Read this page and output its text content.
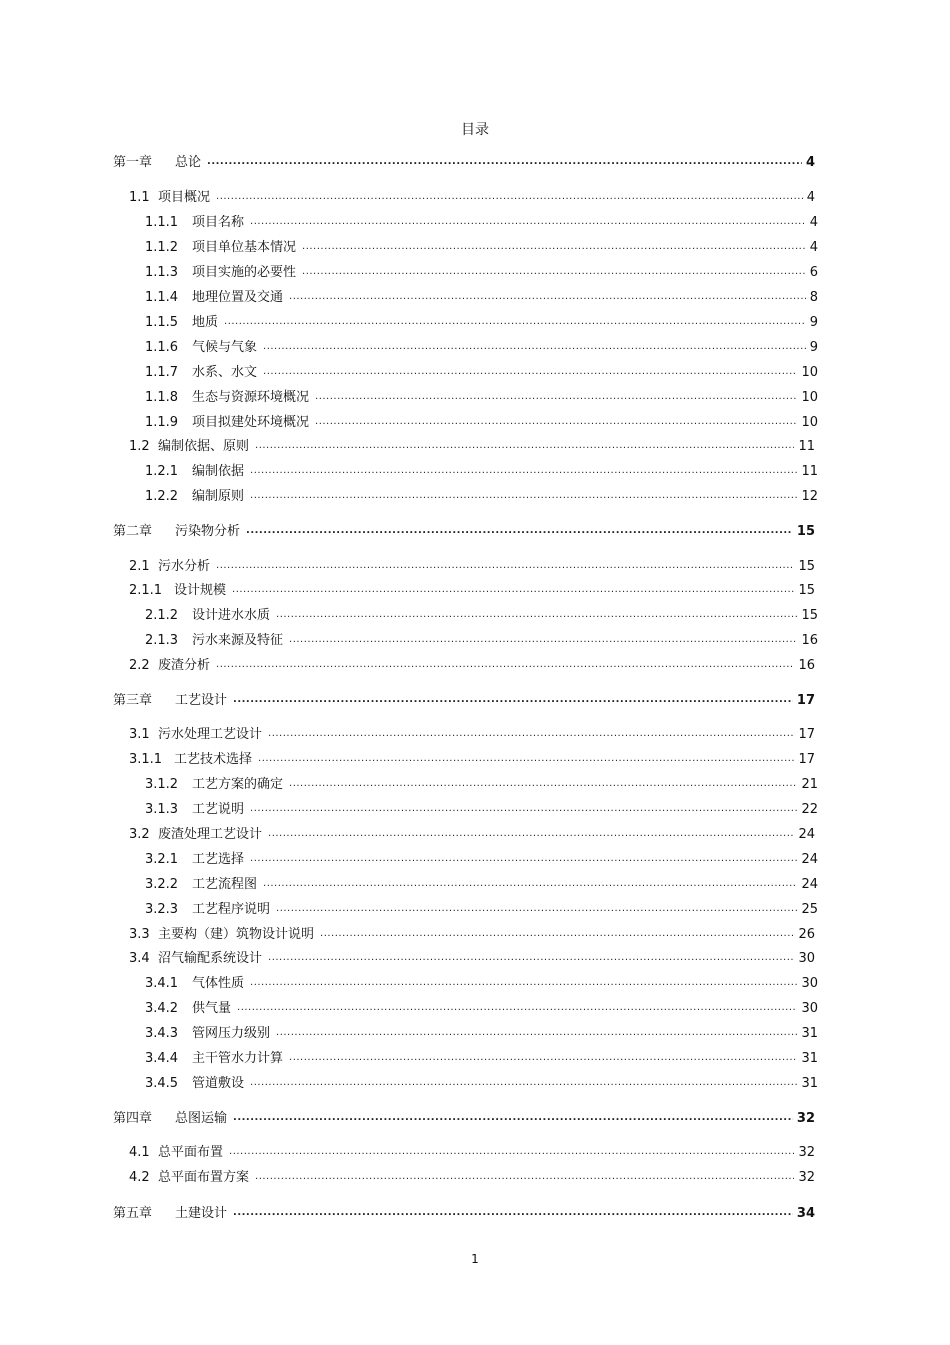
目录
第一章	总论 .....	4
1.1 项目概况 .....	4
1.1.1	项目名称 .....	4
1.1.2	项目单位基本情况 .....	4
1.1.3	项目实施的必要性 .....	6
1.1.4	地理位置及交通 .....	8
1.1.5	地质 .....	9
1.1.6	气候与气象 .....	9
1.1.7	水系、水文 .....	10
1.1.8	生态与资源环境概况 .....	10
1.1.9	项目拟建处环境概况 .....	10
1.2 编制依据、原则 .....	11
1.2.1	编制依据 .....	11
1.2.2	编制原则 .....	12
第二章	污染物分析 .....	15
2.1 污水分析 .....	15
2.1.1 设计规模 .....	15
2.1.2	设计进水水质 .....	15
2.1.3	污水来源及特征 .....	16
2.2 废渣分析 .....	16
第三章	工艺设计 .....	17
3.1 污水处理工艺设计 .....	17
3.1.1 工艺技术选择 .....	17
3.1.2	工艺方案的确定 .....	21
3.1.3	工艺说明 .....	22
3.2 废渣处理工艺设计 .....	24
3.2.1	工艺选择 .....	24
3.2.2	工艺流程图 .....	24
3.2.3	工艺程序说明 .....	25
3.3 主要构（建）筑物设计说明 .....	26
3.4 沼气输配系统设计 .....	30
3.4.1	气体性质 .....	30
3.4.2	供气量 .....	30
3.4.3	管网压力级别 .....	31
3.4.4	主干管水力计算 .....	31
3.4.5	管道敷设 .....	31
第四章	总图运输 .....	32
4.1 总平面布置 .....	32
4.2 总平面布置方案 .....	32
第五章	土建设计 .....	34
1
